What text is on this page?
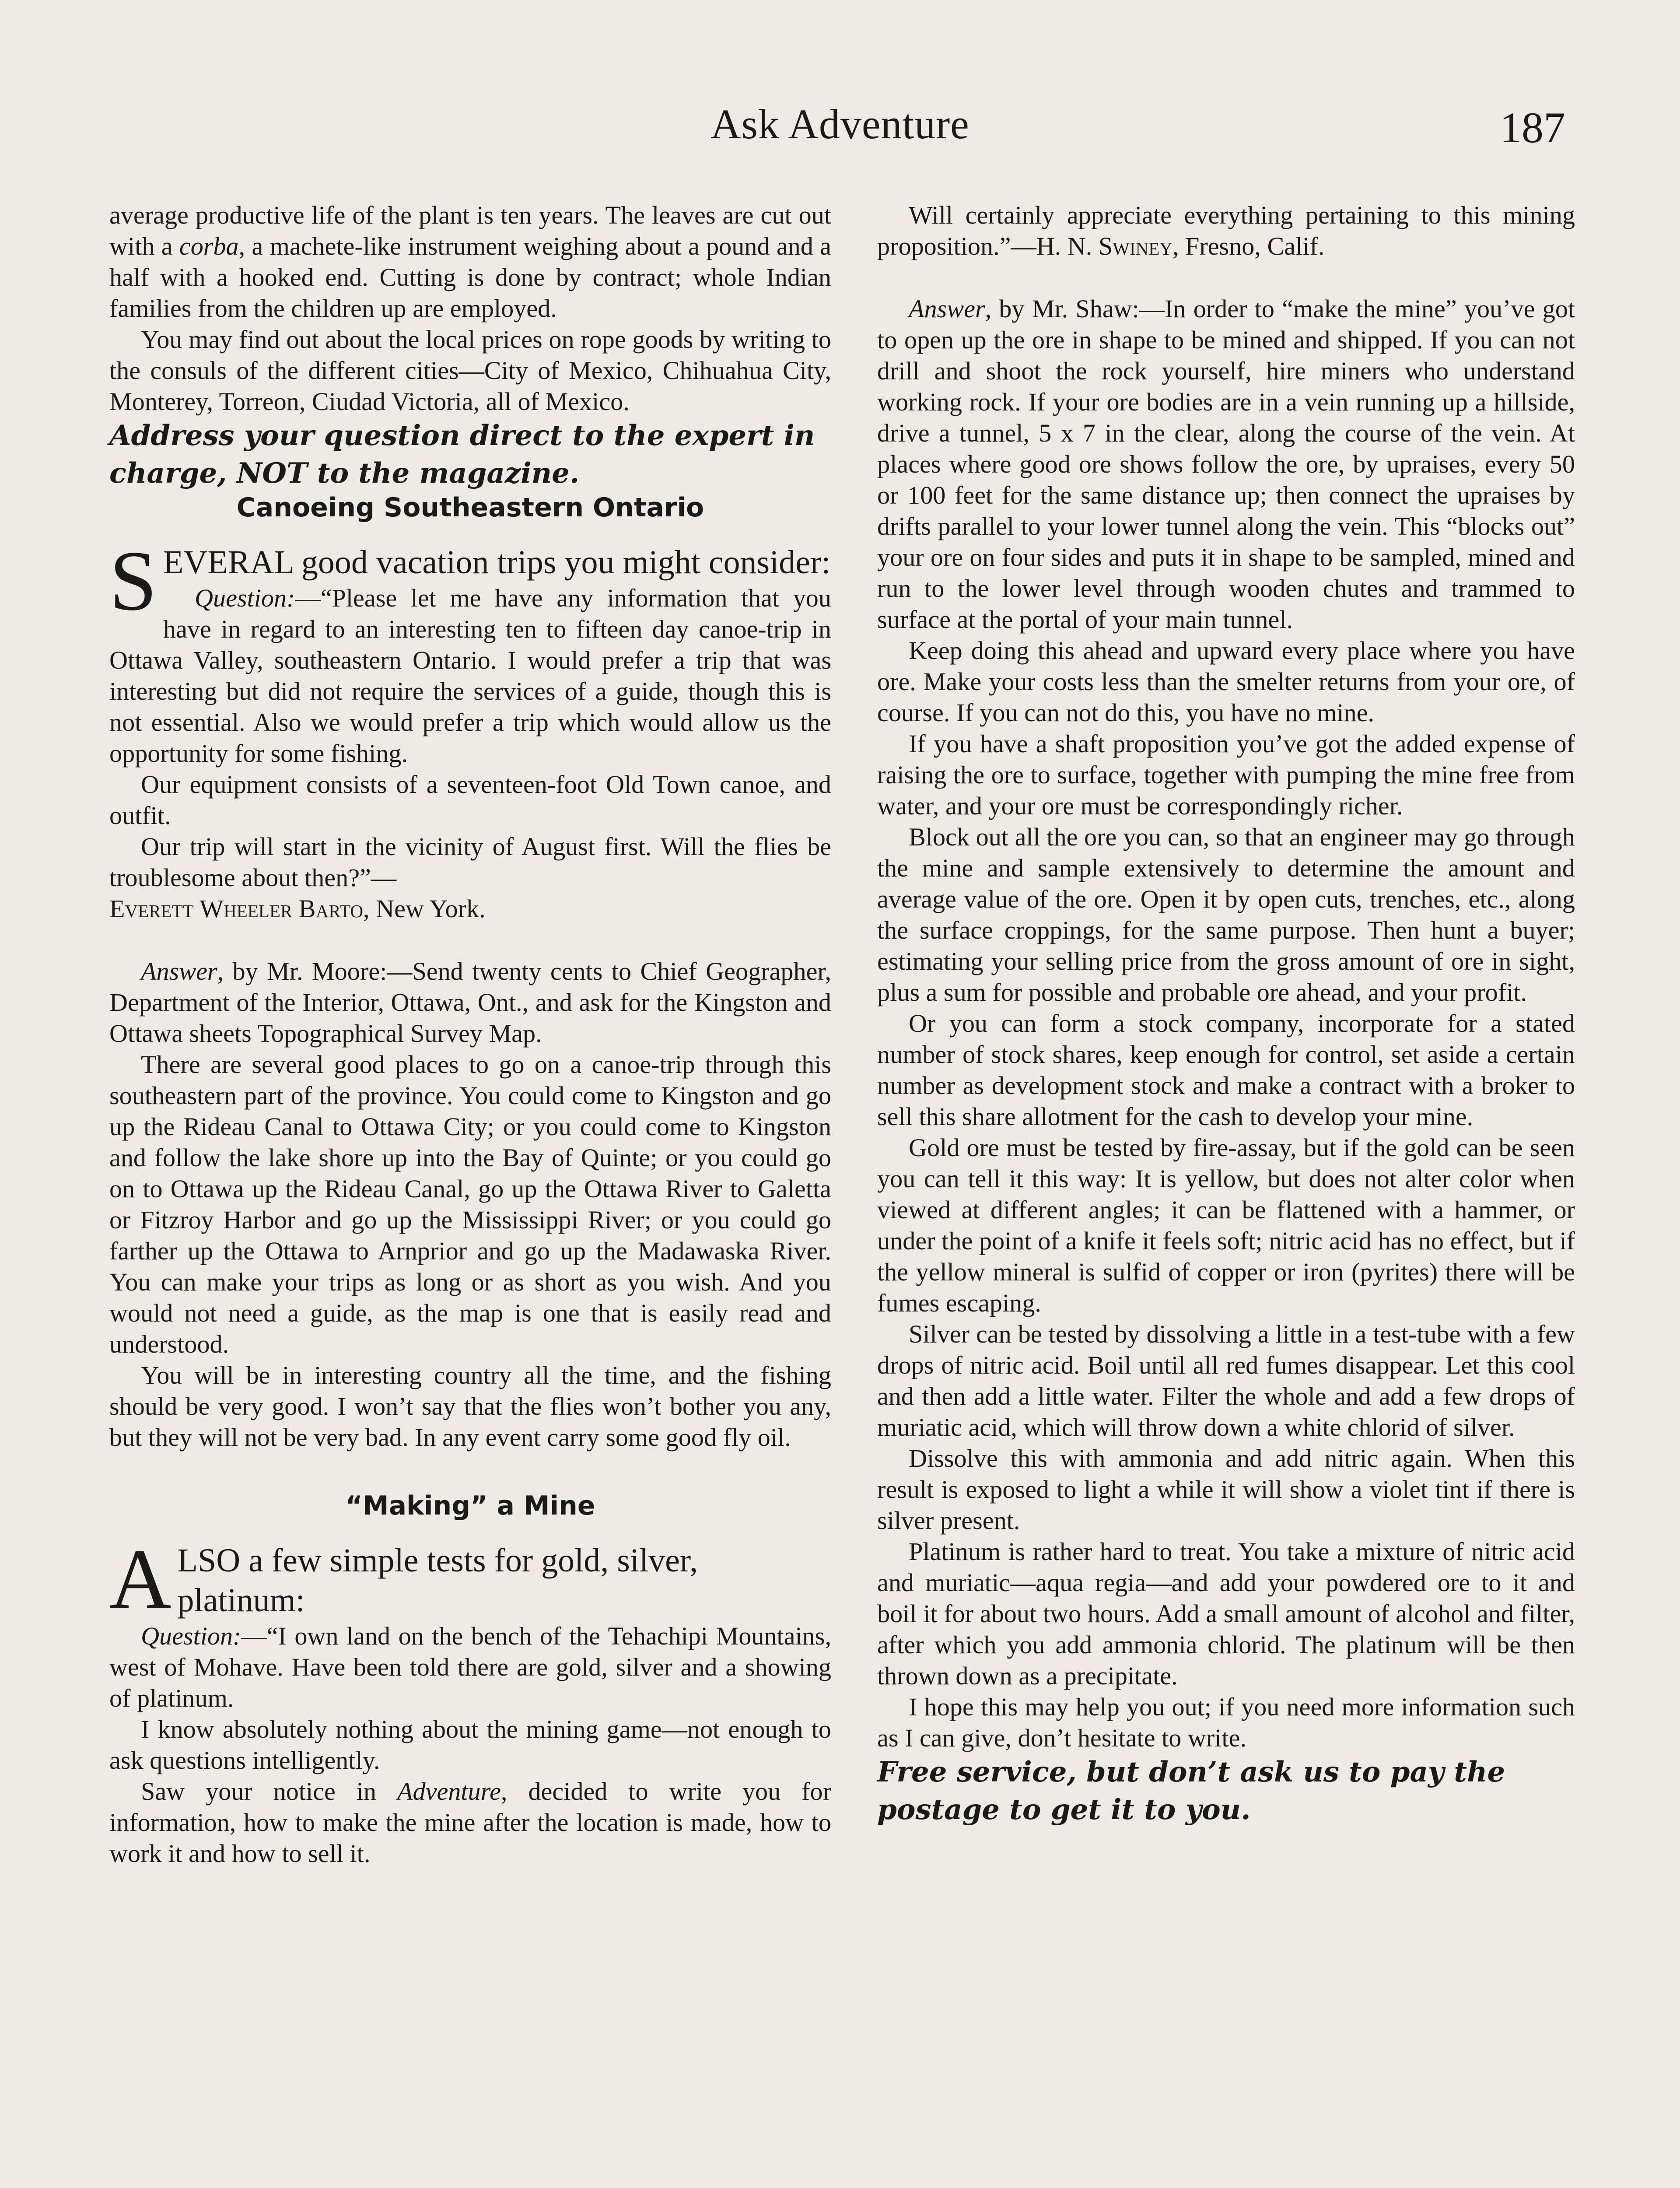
Ask Adventure	187

average productive life of the plant is ten years. The leaves are cut out with a corba, a machete-like instrument weighing about a pound and a half with a hooked end. Cutting is done by contract; whole Indian families from the children up are employed.

You may find out about the local prices on rope goods by writing to the consuls of the different cities—City of Mexico, Chihuahua City, Monterey, Torreon, Ciudad Victoria, all of Mexico.

Address your question direct to the expert in charge, NOT to the magazine.

Canoeing Southeastern Ontario

SEVERAL good vacation trips you might consider:

Question:—“Please let me have any information that you have in regard to an interesting ten to fifteen day canoe-trip in Ottawa Valley, southeastern Ontario. I would prefer a trip that was interesting but did not require the services of a guide, though this is not essential. Also we would prefer a trip which would allow us the opportunity for some fishing.

Our equipment consists of a seventeen-foot Old Town canoe, and outfit.

Our trip will start in the vicinity of August first. Will the flies be troublesome about then?”—
Everett Wheeler Barto, New York.

Answer, by Mr. Moore:—Send twenty cents to Chief Geographer, Department of the Interior, Ottawa, Ont., and ask for the Kingston and Ottawa sheets Topographical Survey Map.

There are several good places to go on a canoe-trip through this southeastern part of the province. You could come to Kingston and go up the Rideau Canal to Ottawa City; or you could come to Kingston and follow the lake shore up into the Bay of Quinte; or you could go on to Ottawa up the Rideau Canal, go up the Ottawa River to Galetta or Fitzroy Harbor and go up the Mississippi River; or you could go farther up the Ottawa to Arnprior and go up the Madawaska River. You can make your trips as long or as short as you wish. And you would not need a guide, as the map is one that is easily read and understood.

You will be in interesting country all the time, and the fishing should be very good. I won’t say that the flies won’t bother you any, but they will not be very bad. In any event carry some good fly oil.

“Making” a Mine

ALSO a few simple tests for gold, silver, platinum:

Question:—“I own land on the bench of the Tehachipi Mountains, west of Mohave. Have been told there are gold, silver and a showing of platinum.

I know absolutely nothing about the mining game—not enough to ask questions intelligently.

Saw your notice in Adventure, decided to write you for information, how to make the mine after the location is made, how to work it and how to sell it.

Will certainly appreciate everything pertaining to this mining proposition.”—H. N. Swiney, Fresno, Calif.

Answer, by Mr. Shaw:—In order to “make the mine” you’ve got to open up the ore in shape to be mined and shipped. If you can not drill and shoot the rock yourself, hire miners who understand working rock. If your ore bodies are in a vein running up a hillside, drive a tunnel, 5 x 7 in the clear, along the course of the vein. At places where good ore shows follow the ore, by upraises, every 50 or 100 feet for the same distance up; then connect the upraises by drifts parallel to your lower tunnel along the vein. This “blocks out” your ore on four sides and puts it in shape to be sampled, mined and run to the lower level through wooden chutes and trammed to surface at the portal of your main tunnel.

Keep doing this ahead and upward every place where you have ore. Make your costs less than the smelter returns from your ore, of course. If you can not do this, you have no mine.

If you have a shaft proposition you’ve got the added expense of raising the ore to surface, together with pumping the mine free from water, and your ore must be correspondingly richer.

Block out all the ore you can, so that an engineer may go through the mine and sample extensively to determine the amount and average value of the ore. Open it by open cuts, trenches, etc., along the surface croppings, for the same purpose. Then hunt a buyer; estimating your selling price from the gross amount of ore in sight, plus a sum for possible and probable ore ahead, and your profit.

Or you can form a stock company, incorporate for a stated number of stock shares, keep enough for control, set aside a certain number as development stock and make a contract with a broker to sell this share allotment for the cash to develop your mine.

Gold ore must be tested by fire-assay, but if the gold can be seen you can tell it this way: It is yellow, but does not alter color when viewed at different angles; it can be flattened with a hammer, or under the point of a knife it feels soft; nitric acid has no effect, but if the yellow mineral is sulfid of copper or iron (pyrites) there will be fumes escaping.

Silver can be tested by dissolving a little in a test-tube with a few drops of nitric acid. Boil until all red fumes disappear. Let this cool and then add a little water. Filter the whole and add a few drops of muriatic acid, which will throw down a white chlorid of silver.

Dissolve this with ammonia and add nitric again. When this result is exposed to light a while it will show a violet tint if there is silver present.

Platinum is rather hard to treat. You take a mixture of nitric acid and muriatic—aqua regia—and add your powdered ore to it and boil it for about two hours. Add a small amount of alcohol and filter, after which you add ammonia chlorid. The platinum will be then thrown down as a precipitate.

I hope this may help you out; if you need more information such as I can give, don’t hesitate to write.

Free service, but don’t ask us to pay the postage to get it to you.
